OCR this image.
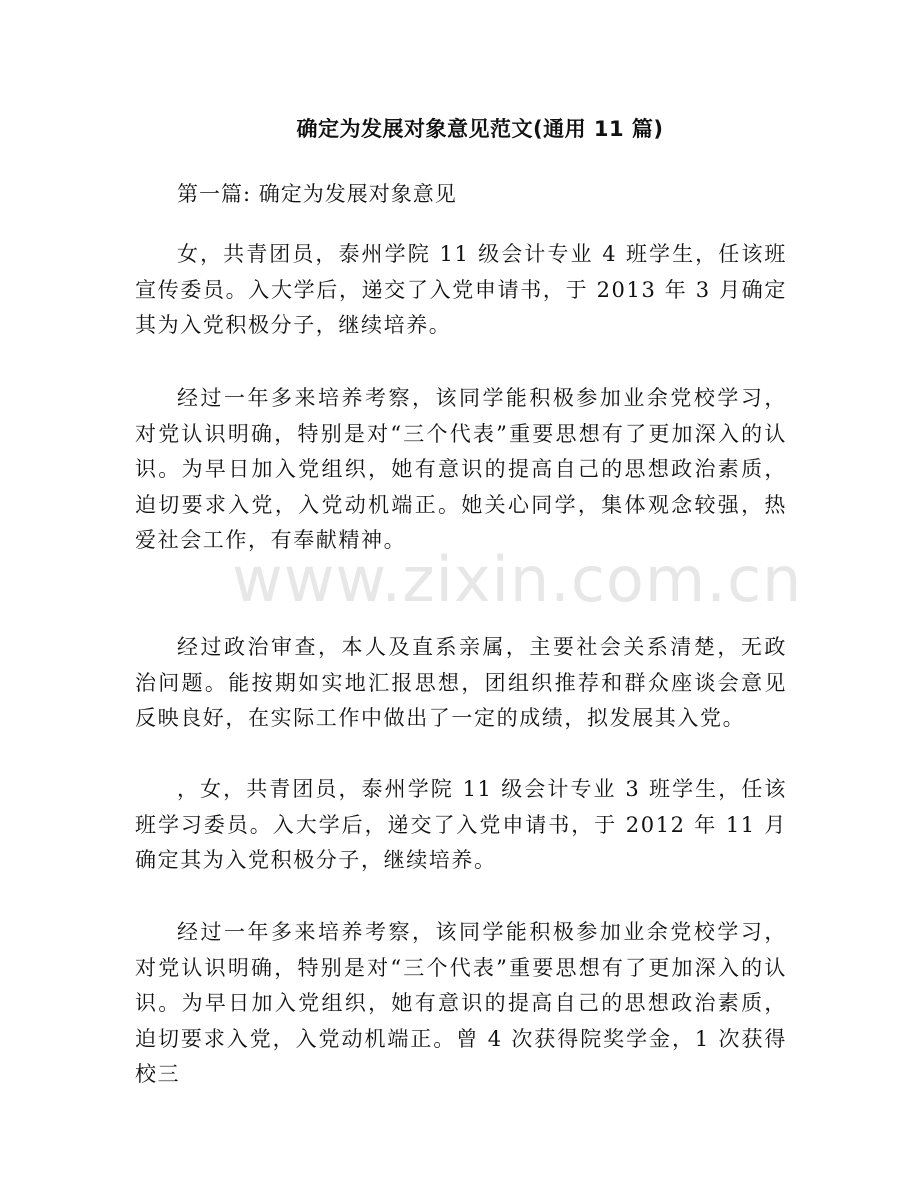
确定为发展对象意见范文(通用 11 篇)
第一篇: 确定为发展对象意见

女，共青团员，泰州学院 11 级会计专业 4 班学生，任该班宣传委员。入大学后，递交了入党申请书，于 2013 年 3 月确定其为入党积极分子，继续培养。

经过一年多来培养考察，该同学能积极参加业余党校学习，对党认识明确，特别是对“三个代表”重要思想有了更加深入的认识。为早日加入党组织，她有意识的提高自己的思想政治素质，迫切要求入党，入党动机端正。她关心同学，集体观念较强，热爱社会工作，有奉献精神。

经过政治审查，本人及直系亲属，主要社会关系清楚，无政治问题。能按期如实地汇报思想，团组织推荐和群众座谈会意见反映良好，在实际工作中做出了一定的成绩，拟发展其入党。

，女，共青团员，泰州学院 11 级会计专业 3 班学生，任该班学习委员。入大学后，递交了入党申请书，于 2012 年 11 月确定其为入党积极分子，继续培养。

经过一年多来培养考察，该同学能积极参加业余党校学习，对党认识明确，特别是对“三个代表”重要思想有了更加深入的认识。为早日加入党组织，她有意识的提高自己的思想政治素质，迫切要求入党，入党动机端正。曾 4 次获得院奖学金，1 次获得校三

www.zixin.com.cn
